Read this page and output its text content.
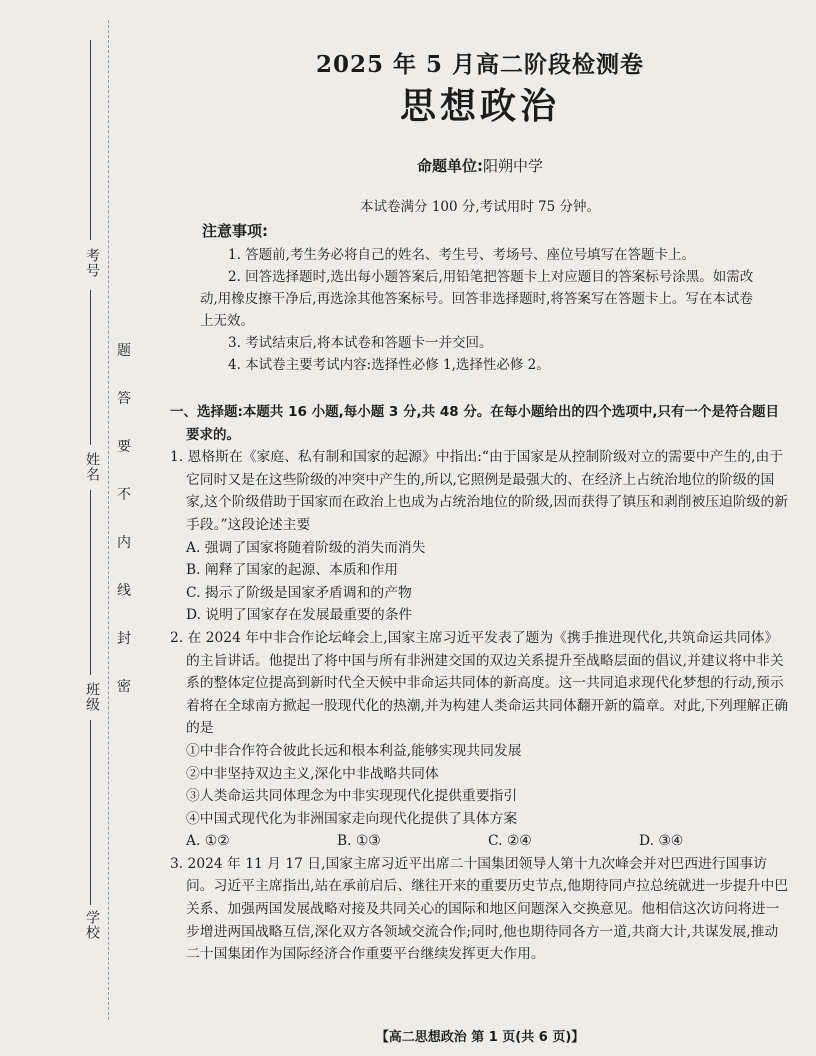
考号
姓名
班级
学校
题
答
要
不
内
线
封
密
2025 年 5 月高二阶段检测卷
思想政治
命题单位:阳朔中学
本试卷满分 100 分,考试用时 75 分钟。
注意事项:

1. 答题前,考生务必将自己的姓名、考生号、考场号、座位号填写在答题卡上。

2. 回答选择题时,选出每小题答案后,用铅笔把答题卡上对应题目的答案标号涂黑。如需改动,用橡皮擦干净后,再选涂其他答案标号。回答非选择题时,将答案写在答题卡上。写在本试卷上无效。

3. 考试结束后,将本试卷和答题卡一并交回。

4. 本试卷主要考试内容:选择性必修 1,选择性必修 2。

一、选择题:本题共 16 小题,每小题 3 分,共 48 分。在每小题给出的四个选项中,只有一个是符合题目要求的。

1. 恩格斯在《家庭、私有制和国家的起源》中指出:“由于国家是从控制阶级对立的需要中产生的,由于它同时又是在这些阶级的冲突中产生的,所以,它照例是最强大的、在经济上占统治地位的阶级的国家,这个阶级借助于国家而在政治上也成为占统治地位的阶级,因而获得了镇压和剥削被压迫阶级的新手段。”这段论述主要

A. 强调了国家将随着阶级的消失而消失

B. 阐释了国家的起源、本质和作用

C. 揭示了阶级是国家矛盾调和的产物

D. 说明了国家存在发展最重要的条件

2. 在 2024 年中非合作论坛峰会上,国家主席习近平发表了题为《携手推进现代化,共筑命运共同体》的主旨讲话。他提出了将中国与所有非洲建交国的双边关系提升至战略层面的倡议,并建议将中非关系的整体定位提高到新时代全天候中非命运共同体的新高度。这一共同追求现代化梦想的行动,预示着将在全球南方掀起一股现代化的热潮,并为构建人类命运共同体翻开新的篇章。对此,下列理解正确的是

①中非合作符合彼此长远和根本利益,能够实现共同发展

②中非坚持双边主义,深化中非战略共同体

③人类命运共同体理念为中非实现现代化提供重要指引

④中国式现代化为非洲国家走向现代化提供了具体方案

A. ①②	B. ①③	C. ②④	D. ③④

3. 2024 年 11 月 17 日,国家主席习近平出席二十国集团领导人第十九次峰会并对巴西进行国事访问。习近平主席指出,站在承前启后、继往开来的重要历史节点,他期待同卢拉总统就进一步提升中巴关系、加强两国发展战略对接及共同关心的国际和地区问题深入交换意见。他相信这次访问将进一步增进两国战略互信,深化双方各领域交流合作;同时,他也期待同各方一道,共商大计,共谋发展,推动二十国集团作为国际经济合作重要平台继续发挥更大作用。

【高二思想政治 第 1 页(共 6 页)】
